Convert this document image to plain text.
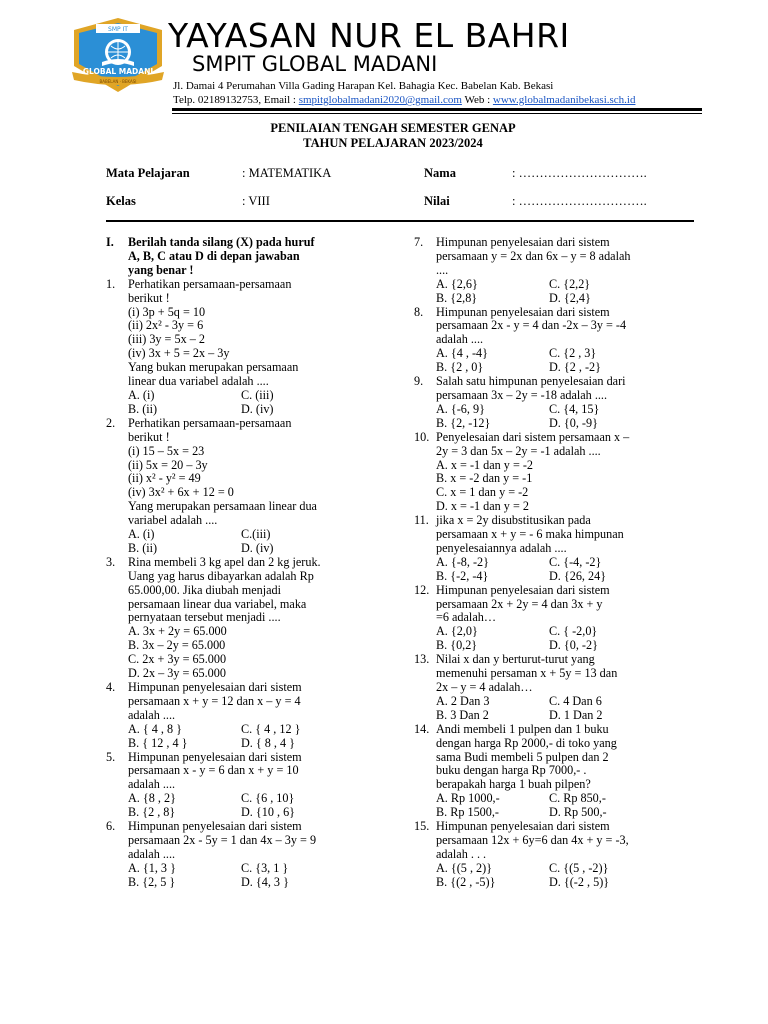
SMP IT
GLOBAL MADANI
BABELAN · BEKASI
YAYASAN NUR EL BAHRI
SMPIT GLOBAL MADANI
Jl. Damai 4 Perumahan Villa Gading Harapan Kel. Bahagia Kec. Babelan Kab. Bekasi
Telp. 02189132753, Email : smpitglobalmadani2020@gmail.com Web : www.globalmadanibekasi.sch.id
PENILAIAN TENGAH SEMESTER GENAP
TAHUN PELAJARAN 2023/2024
Mata Pelajaran	: MATEMATIKA	Nama	: ………………………….
Kelas	: VIII	Nilai	: ………………………….
I. Berilah tanda silang (X) pada huruf
A, B, C atau D di depan jawaban
yang benar !
1. Perhatikan persamaan-persamaan
berikut !
(i) 3p + 5q = 10
(ii) 2x² - 3y = 6
(iii) 3y = 5x – 2
(iv) 3x + 5 = 2x – 3y
Yang bukan merupakan persamaan
linear dua variabel adalah ....
A. (i)	C. (iii)
B. (ii)	D. (iv)
2. Perhatikan persamaan-persamaan
berikut !
(i) 15 – 5x = 23
(ii) 5x = 20 – 3y
(ii) x² - y² = 49
(iv) 3x² + 6x + 12 = 0
Yang merupakan persamaan linear dua
variabel adalah ....
A. (i)	C.(iii)
B. (ii)	D. (iv)
3. Rina membeli 3 kg apel dan 2 kg jeruk.
Uang yag harus dibayarkan adalah Rp
65.000,00. Jika diubah menjadi
persamaan linear dua variabel, maka
pernyataan tersebut menjadi ....
A. 3x + 2y = 65.000
B. 3x – 2y = 65.000
C. 2x + 3y = 65.000
D. 2x – 3y = 65.000
4. Himpunan penyelesaian dari sistem
persamaan x + y = 12 dan x – y = 4
adalah ....
A. { 4 , 8 }	C. { 4 , 12 }
B. { 12 , 4 }	D. { 8 , 4 }
5. Himpunan penyelesaian dari sistem
persamaan x - y = 6 dan x + y = 10
adalah ....
A. {8 , 2}	C. {6 , 10}
B. {2 , 8}	D. {10 , 6}
6. Himpunan penyelesaian dari sistem
persamaan 2x - 5y = 1 dan 4x – 3y = 9
adalah ....
A. {1, 3 }	C. {3, 1 }
B. {2, 5 }	D. {4, 3 }
7. Himpunan penyelesaian dari sistem
persamaan y = 2x dan 6x – y = 8 adalah
....
A. {2,6}	C. {2,2}
B. {2,8}	D. {2,4}
8. Himpunan penyelesaian dari sistem
persamaan 2x - y = 4 dan -2x – 3y = -4
adalah ....
A. {4 , -4}	C. {2 , 3}
B. {2 , 0}	D. {2 , -2}
9. Salah satu himpunan penyelesaian dari
persamaan 3x – 2y = -18 adalah ....
A. {-6, 9}	C. {4, 15}
B. {2, -12}	D. {0, -9}
10. Penyelesaian dari sistem persamaan x –
2y = 3 dan 5x – 2y = -1 adalah ....
A. x = -1 dan y = -2
B. x = -2 dan y = -1
C. x = 1 dan y = -2
D. x = -1 dan y = 2
11. jika x = 2y disubstitusikan pada
persamaan x + y = - 6 maka himpunan
penyelesaiannya adalah ....
A. {-8, -2}	C. {-4, -2}
B. {-2, -4}	D. {26, 24}
12. Himpunan penyelesaian dari sistem
persamaan 2x + 2y = 4 dan 3x + y
=6 adalah…
A. {2,0}	C. { -2,0}
B. {0,2}	D. {0, -2}
13. Nilai x dan y berturut-turut yang
memenuhi persaman x + 5y = 13 dan
2x – y = 4 adalah…
A. 2 Dan 3	C. 4 Dan 6
B. 3 Dan 2	D. 1 Dan 2
14. Andi membeli 1 pulpen dan 1 buku
dengan harga Rp 2000,- di toko yang
sama Budi membeli 5 pulpen dan 2
buku dengan harga Rp 7000,- .
berapakah harga 1 buah pilpen?
A. Rp 1000,-	C. Rp 850,-
B. Rp 1500,-	D. Rp 500,-
15. Himpunan penyelesaian dari sistem
persamaan 12x + 6y=6 dan 4x + y = -3,
adalah . . .
A. {(5 , 2)}	C. {(5 , -2)}
B. {(2 , -5)}	D. {(-2 , 5)}
